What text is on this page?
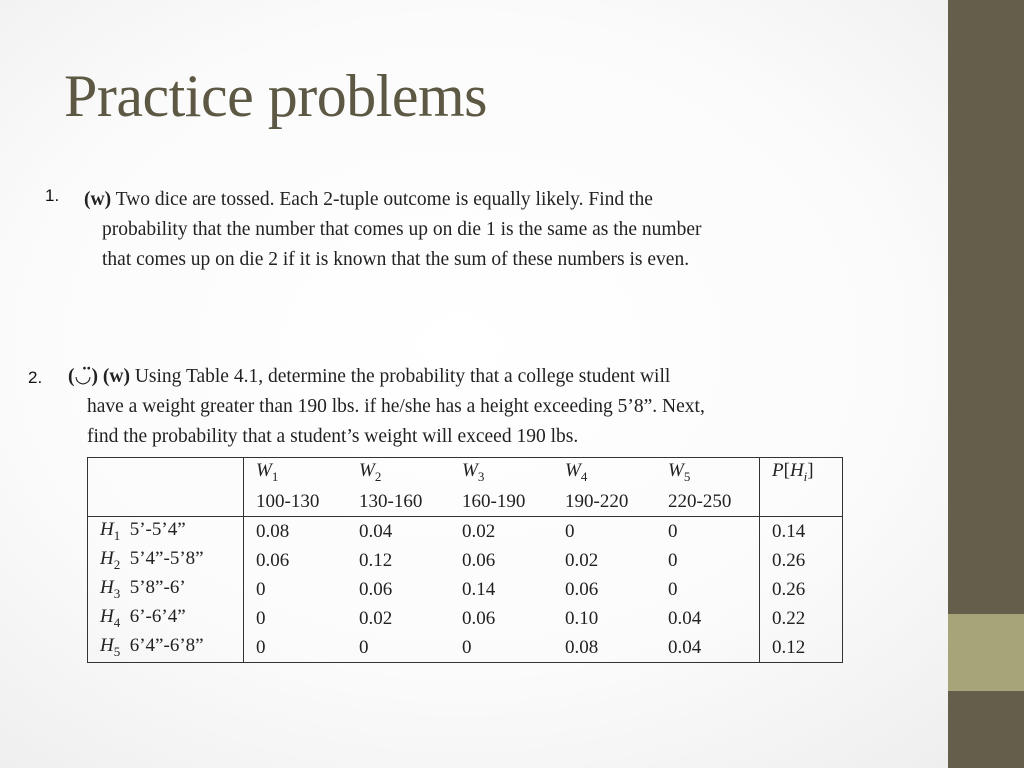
Practice problems
1. (w) Two dice are tossed. Each 2-tuple outcome is equally likely. Find the
probability that the number that comes up on die 1 is the same as the number
that comes up on die 2 if it is known that the sum of these numbers is even.
2. (◡̈) (w) Using Table 4.1, determine the probability that a college student will
have a weight greater than 190 lbs. if he/she has a height exceeding 5’8”. Next,
find the probability that a student’s weight will exceed 190 lbs.
	$W_1$	$W_2$	$W_3$	$W_4$	$W_5$	$P[H_i]$
	100-130	130-160	160-190	190-220	220-250	
$H_1$ 5’-5’4”	0.08	0.04	0.02	0	0	0.14
$H_2$ 5’4”-5’8”	0.06	0.12	0.06	0.02	0	0.26
$H_3$ 5’8”-6’	0	0.06	0.14	0.06	0	0.26
$H_4$ 6’-6’4”	0	0.02	0.06	0.10	0.04	0.22
$H_5$ 6’4”-6’8”	0	0	0	0.08	0.04	0.12
